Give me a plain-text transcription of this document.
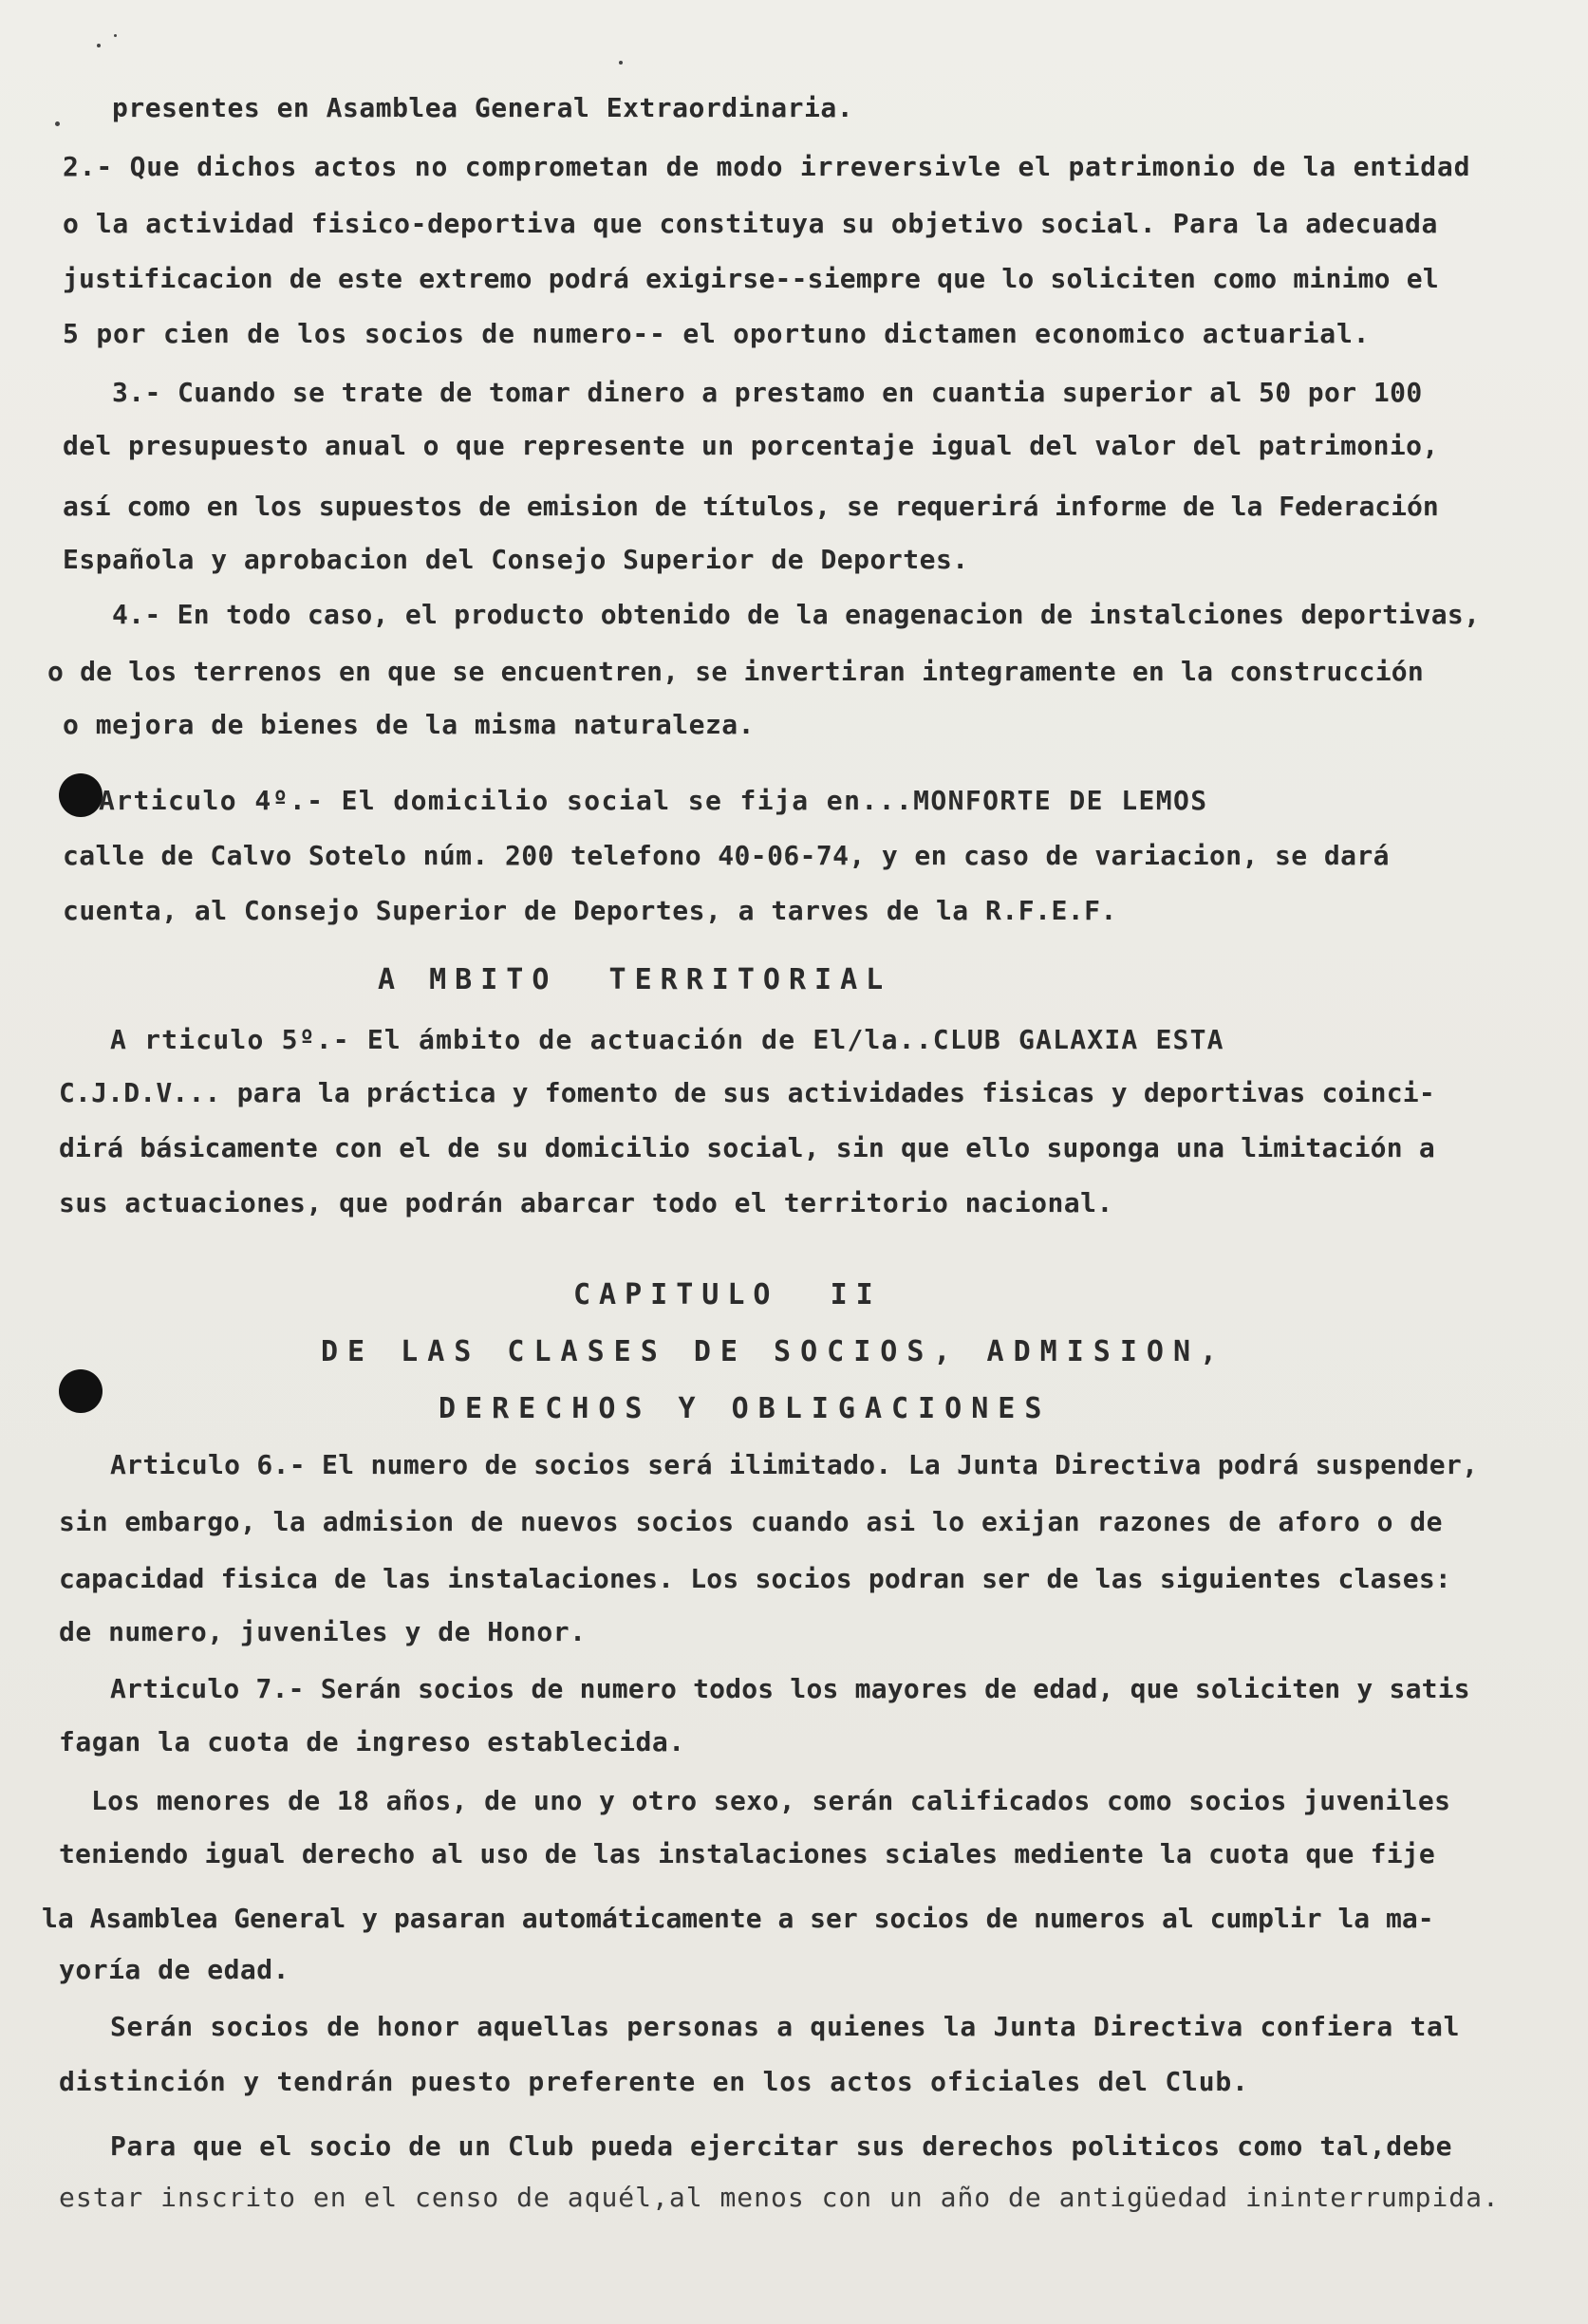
presentes en Asamblea General Extraordinaria.
2.- Que dichos actos no comprometan de modo irreversivle el patrimonio de la entidad
o la actividad fisico-deportiva que constituya su objetivo social. Para la adecuada
justificacion de este extremo podrá exigirse--siempre que lo soliciten como minimo el
5 por cien de los socios de numero-- el oportuno dictamen economico actuarial.
3.- Cuando se trate de tomar dinero a prestamo en cuantia superior al 50 por 100
del presupuesto anual o que represente un porcentaje igual del valor del patrimonio,
así como en los supuestos de emision de títulos, se requerirá informe de la Federación
Española y aprobacion del Consejo Superior de Deportes.
4.- En todo caso, el producto obtenido de la enagenacion de instalciones deportivas,
o de los terrenos en que se encuentren, se invertiran integramente en la construcción
o mejora de bienes de la misma naturaleza.
Articulo 4º.- El domicilio social se fija en...MONFORTE DE LEMOS
calle de Calvo Sotelo núm. 200 telefono 40-06-74, y en caso de variacion, se dará
cuenta, al Consejo Superior de Deportes, a tarves de la R.F.E.F.
A MBITO  TERRITORIAL
A rticulo 5º.- El ámbito de actuación de El/la..CLUB GALAXIA ESTA
C.J.D.V... para la práctica y fomento de sus actividades fisicas y deportivas coinci-
dirá básicamente con el de su domicilio social, sin que ello suponga una limitación a
sus actuaciones, que podrán abarcar todo el territorio nacional.
CAPITULO  II
DE LAS CLASES DE SOCIOS, ADMISION,
DERECHOS Y OBLIGACIONES
Articulo 6.- El numero de socios será ilimitado. La Junta Directiva podrá suspender,
sin embargo, la admision de nuevos socios cuando asi lo exijan razones de aforo o de
capacidad fisica de las instalaciones. Los socios podran ser de las siguientes clases:
de numero, juveniles y de Honor.
Articulo 7.- Serán socios de numero todos los mayores de edad, que soliciten y satis
fagan la cuota de ingreso establecida.
Los menores de 18 años, de uno y otro sexo, serán calificados como socios juveniles
teniendo igual derecho al uso de las instalaciones sciales mediente la cuota que fije
la Asamblea General y pasaran automáticamente a ser socios de numeros al cumplir la ma-
yoría de edad.
Serán socios de honor aquellas personas a quienes la Junta Directiva confiera tal
distinción y tendrán puesto preferente en los actos oficiales del Club.
Para que el socio de un Club pueda ejercitar sus derechos politicos como tal,debe
estar inscrito en el censo de aquél,al menos con un año de antigüedad ininterrumpida.
